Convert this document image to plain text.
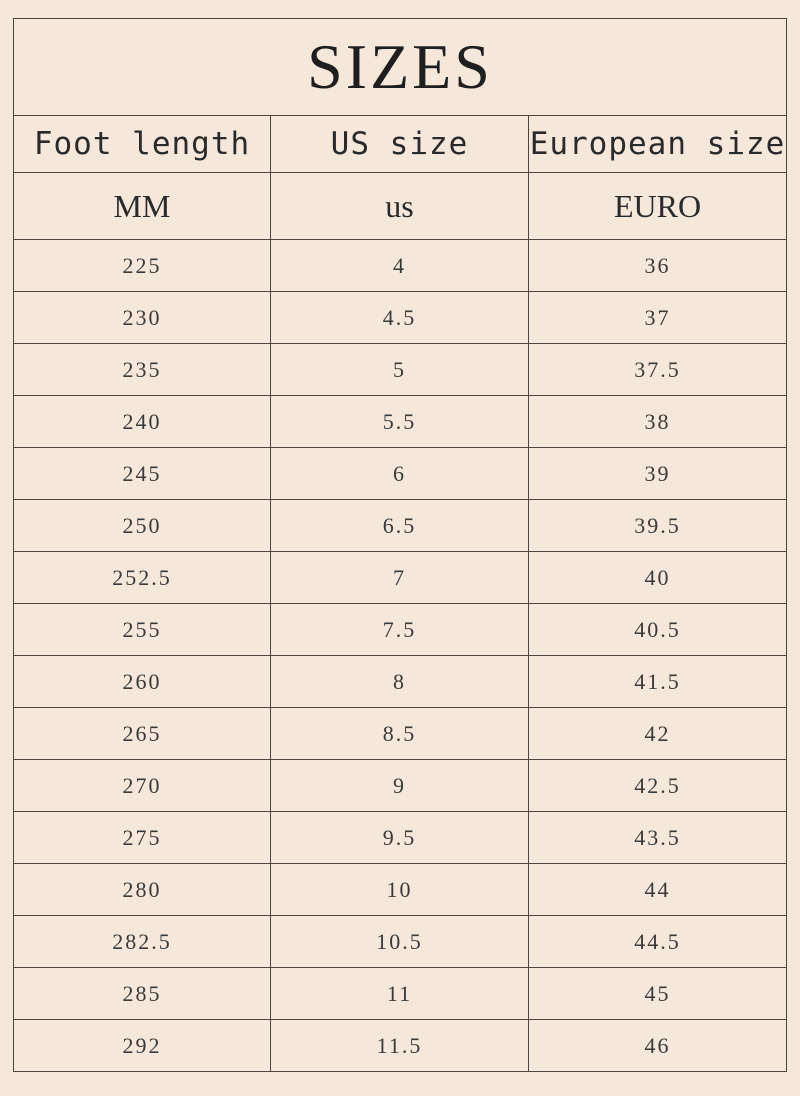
SIZES		
Foot length	US size	European size
MM	us	EURO
225	4	36
230	4.5	37
235	5	37.5
240	5.5	38
245	6	39
250	6.5	39.5
252.5	7	40
255	7.5	40.5
260	8	41.5
265	8.5	42
270	9	42.5
275	9.5	43.5
280	10	44
282.5	10.5	44.5
285	11	45
292	11.5	46
